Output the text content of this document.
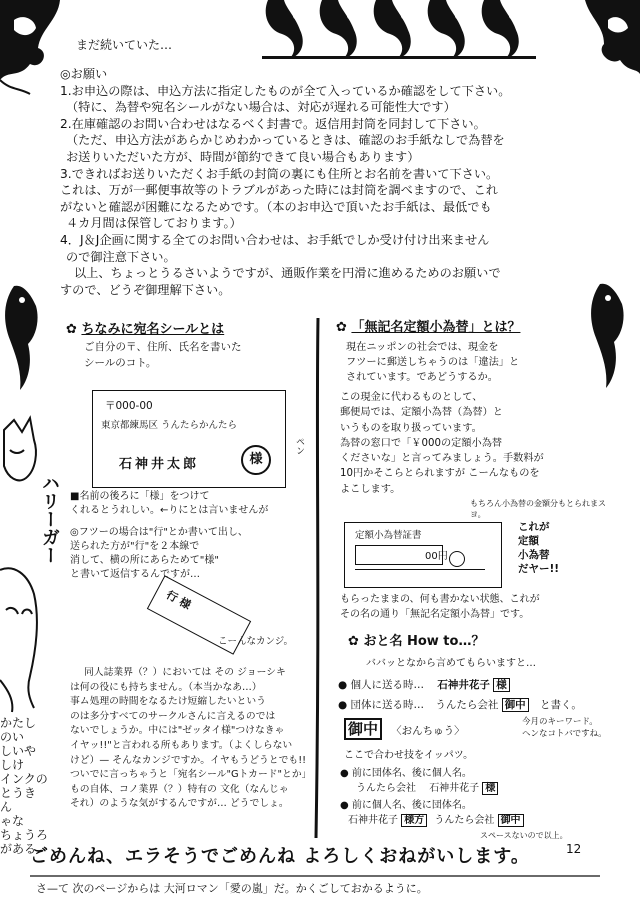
まだ続いていた…

◎お願い

1.お申込の際は、申込方法に指定したものが全て入っているか確認をして下さい。

（特に、為替や宛名シールがない場合は、対応が遅れる可能性大です）

2.在庫確認のお問い合わせはなるべく封書で。返信用封筒を同封して下さい。

（ただ、申込方法があらかじめわかっているときは、確認のお手紙なしで為替を

お送りいただいた方が、時間が節約できて良い場合もあります）

3.できればお送りいただくお手紙の封筒の裏にも住所とお名前を書いて下さい。

これは、万が一郵便事故等のトラブルがあった時には封筒を調べますので、これ

がないと確認が困難になるためです。（本のお申込で頂いたお手紙は、最低でも

４カ月間は保管しております。）

4．J＆J企画に関する全てのお問い合わせは、お手紙でしか受け付け出来ません

ので御注意下さい。

以上、ちょっとうるさいようですが、通販作業を円滑に進めるためのお願いで

すので、どうぞ御理解下さい。

✿ ちなみに宛名シールとは
ご自分の〒、住所、氏名を書いた
シールのコト。
〒000-00
東京都練馬区 うんたらかんたら
石神井太郎	様
ペン
■名前の後ろに「様」をつけて
くれるとうれしい。←りにとは言いませんが
◎フツーの場合は"行"とか書いて出し、
送られた方が"行"を２本線で
消して、横の所にあらためて"様"
と書いて返信するんですが…
行 様
こーんなカンジ。
同人誌業界（？）においては その ジョーシキ
は何の役にも持ちません。（本当かなあ…）
事ム処理の時間をなるたけ短縮したいという
のは多分すべてのサークルさんに言えるのでは
ないでしょうか。中には"ゼッタイ様"つけなきゃ
イヤッ!!"と言われる所もあります。（よくしらない
けど）— そんなカンジですか。イヤもうどうとでも!!
ついでに言っちゃうと「宛名シール"Gトカード"とか」
もの自体、コノ業界（？）特有の 文化（なんじゃ
それ）のような気がするんですが… どうでしょ。
ハリーガー
かたし
のい
しいや
しけ
インクの
とうき
ん
ゃな
ちょうろ
がある
✿ 「無記名定額小為替」とは？
現在ニッポンの社会では、現金を
フツーに郵送しちゃうのは「違法」と
されています。であどうするか。
この現金に代わるものとして、
郵便局では、定額小為替（為替）と
いうものを取り扱っています。
為替の窓口で「￥000の定額小為替
くださいな」と言ってみましょう。手数料が
10円かそこらとられますが こーんなものを
よこします。
もちろん小為替の金額分もとられまスヨ。
定額小為替証書
00円
これが
定額
小為替
だヤー!!
もらったままの、何も書かない状態、これが
その名の通り「無記名定額小為替」です。
✿ おと名 How to…？
ババッとなから言めてもらいますと…
● 個人に送る時… 石神井花子 様
● 団体に送る時… うんたら会社 御中 と書く。
御中 〈おんちゅう〉
今月のキーワード。
ヘンなコトバですね。
ここで合わせ技をイッパツ。
● 前に団体名、後に個人名。
うんたら会社 石神井花子 様
● 前に個人名、後に団体名。
石神井花子 様方 うんたら会社 御中
スペースないので以上。
ごめんね、エラそうでごめんね よろしくおねがいします。	12
さ—て 次のページからは 大河ロマン「愛の嵐」だ。かくごしておかるように。
